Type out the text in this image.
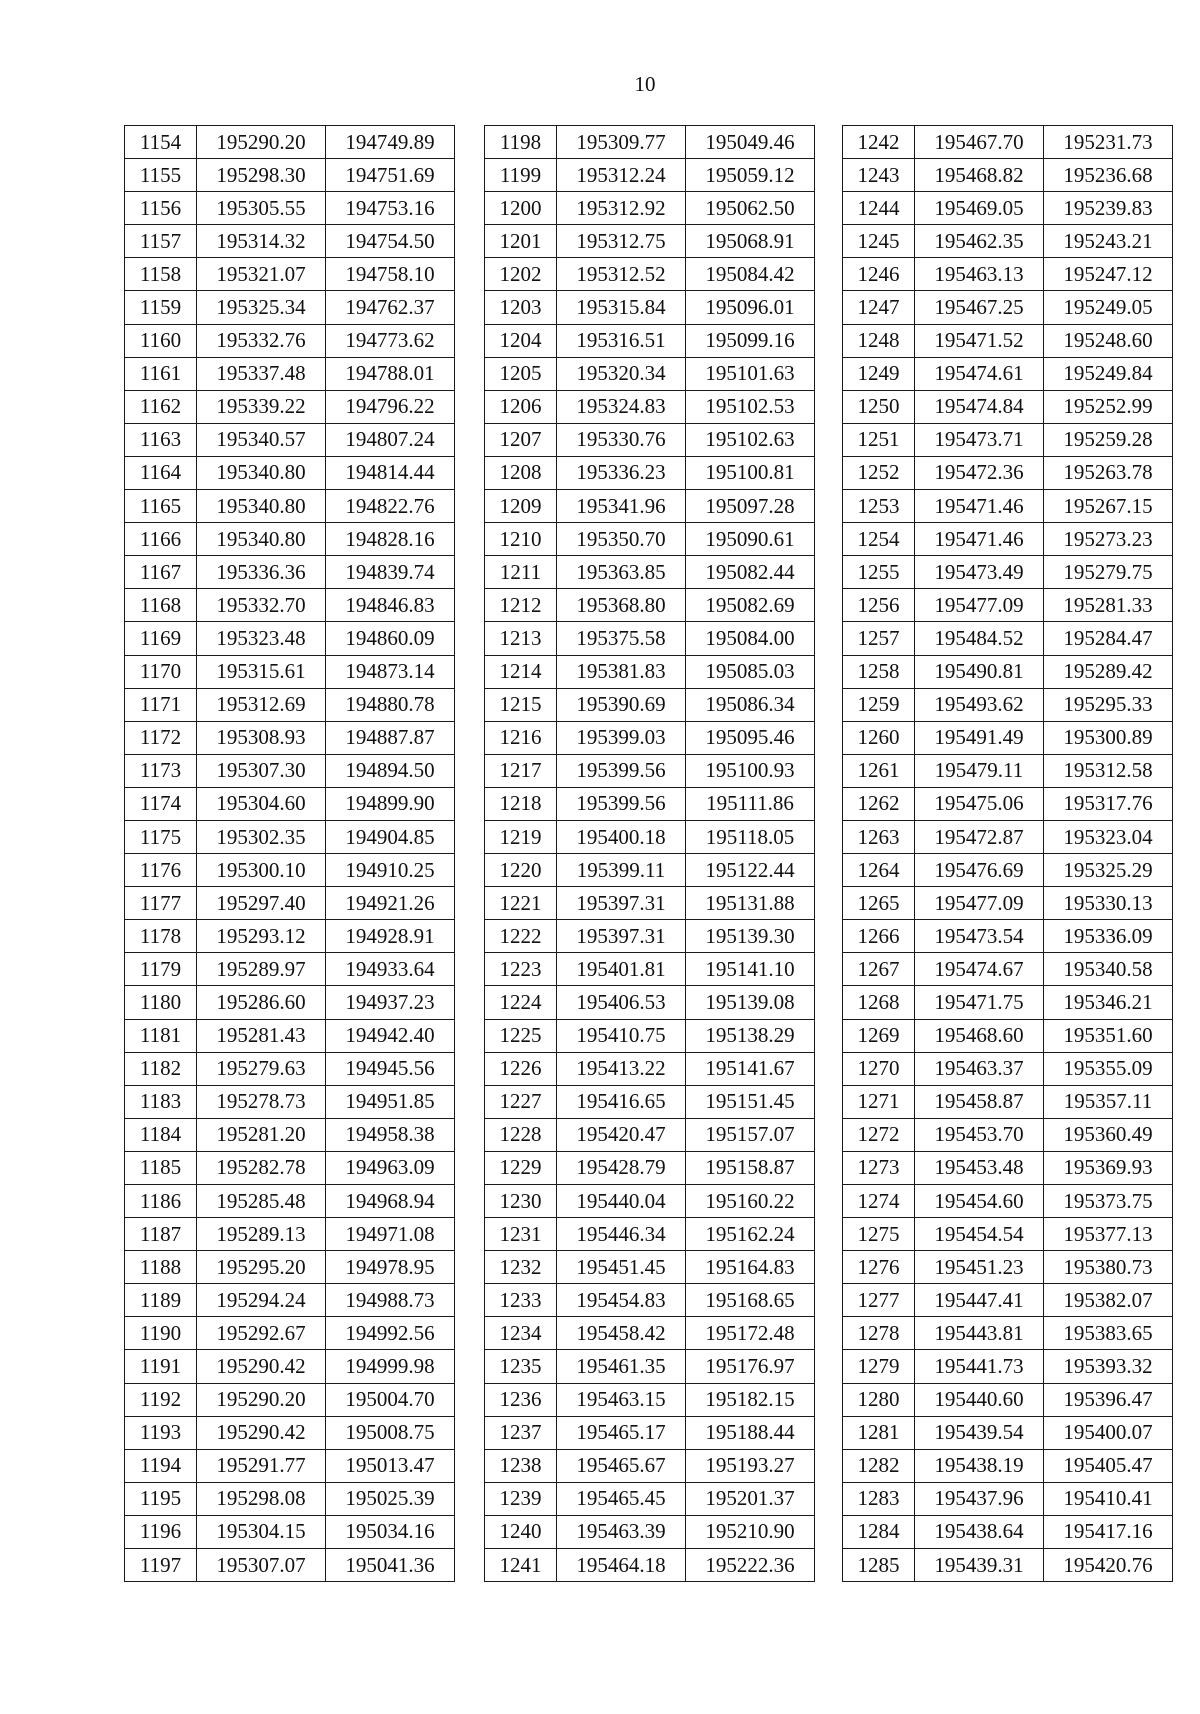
10
1154	195290.20	194749.89
1155	195298.30	194751.69
1156	195305.55	194753.16
1157	195314.32	194754.50
1158	195321.07	194758.10
1159	195325.34	194762.37
1160	195332.76	194773.62
1161	195337.48	194788.01
1162	195339.22	194796.22
1163	195340.57	194807.24
1164	195340.80	194814.44
1165	195340.80	194822.76
1166	195340.80	194828.16
1167	195336.36	194839.74
1168	195332.70	194846.83
1169	195323.48	194860.09
1170	195315.61	194873.14
1171	195312.69	194880.78
1172	195308.93	194887.87
1173	195307.30	194894.50
1174	195304.60	194899.90
1175	195302.35	194904.85
1176	195300.10	194910.25
1177	195297.40	194921.26
1178	195293.12	194928.91
1179	195289.97	194933.64
1180	195286.60	194937.23
1181	195281.43	194942.40
1182	195279.63	194945.56
1183	195278.73	194951.85
1184	195281.20	194958.38
1185	195282.78	194963.09
1186	195285.48	194968.94
1187	195289.13	194971.08
1188	195295.20	194978.95
1189	195294.24	194988.73
1190	195292.67	194992.56
1191	195290.42	194999.98
1192	195290.20	195004.70
1193	195290.42	195008.75
1194	195291.77	195013.47
1195	195298.08	195025.39
1196	195304.15	195034.16
1197	195307.07	195041.36
1198	195309.77	195049.46
1199	195312.24	195059.12
1200	195312.92	195062.50
1201	195312.75	195068.91
1202	195312.52	195084.42
1203	195315.84	195096.01
1204	195316.51	195099.16
1205	195320.34	195101.63
1206	195324.83	195102.53
1207	195330.76	195102.63
1208	195336.23	195100.81
1209	195341.96	195097.28
1210	195350.70	195090.61
1211	195363.85	195082.44
1212	195368.80	195082.69
1213	195375.58	195084.00
1214	195381.83	195085.03
1215	195390.69	195086.34
1216	195399.03	195095.46
1217	195399.56	195100.93
1218	195399.56	195111.86
1219	195400.18	195118.05
1220	195399.11	195122.44
1221	195397.31	195131.88
1222	195397.31	195139.30
1223	195401.81	195141.10
1224	195406.53	195139.08
1225	195410.75	195138.29
1226	195413.22	195141.67
1227	195416.65	195151.45
1228	195420.47	195157.07
1229	195428.79	195158.87
1230	195440.04	195160.22
1231	195446.34	195162.24
1232	195451.45	195164.83
1233	195454.83	195168.65
1234	195458.42	195172.48
1235	195461.35	195176.97
1236	195463.15	195182.15
1237	195465.17	195188.44
1238	195465.67	195193.27
1239	195465.45	195201.37
1240	195463.39	195210.90
1241	195464.18	195222.36
1242	195467.70	195231.73
1243	195468.82	195236.68
1244	195469.05	195239.83
1245	195462.35	195243.21
1246	195463.13	195247.12
1247	195467.25	195249.05
1248	195471.52	195248.60
1249	195474.61	195249.84
1250	195474.84	195252.99
1251	195473.71	195259.28
1252	195472.36	195263.78
1253	195471.46	195267.15
1254	195471.46	195273.23
1255	195473.49	195279.75
1256	195477.09	195281.33
1257	195484.52	195284.47
1258	195490.81	195289.42
1259	195493.62	195295.33
1260	195491.49	195300.89
1261	195479.11	195312.58
1262	195475.06	195317.76
1263	195472.87	195323.04
1264	195476.69	195325.29
1265	195477.09	195330.13
1266	195473.54	195336.09
1267	195474.67	195340.58
1268	195471.75	195346.21
1269	195468.60	195351.60
1270	195463.37	195355.09
1271	195458.87	195357.11
1272	195453.70	195360.49
1273	195453.48	195369.93
1274	195454.60	195373.75
1275	195454.54	195377.13
1276	195451.23	195380.73
1277	195447.41	195382.07
1278	195443.81	195383.65
1279	195441.73	195393.32
1280	195440.60	195396.47
1281	195439.54	195400.07
1282	195438.19	195405.47
1283	195437.96	195410.41
1284	195438.64	195417.16
1285	195439.31	195420.76
